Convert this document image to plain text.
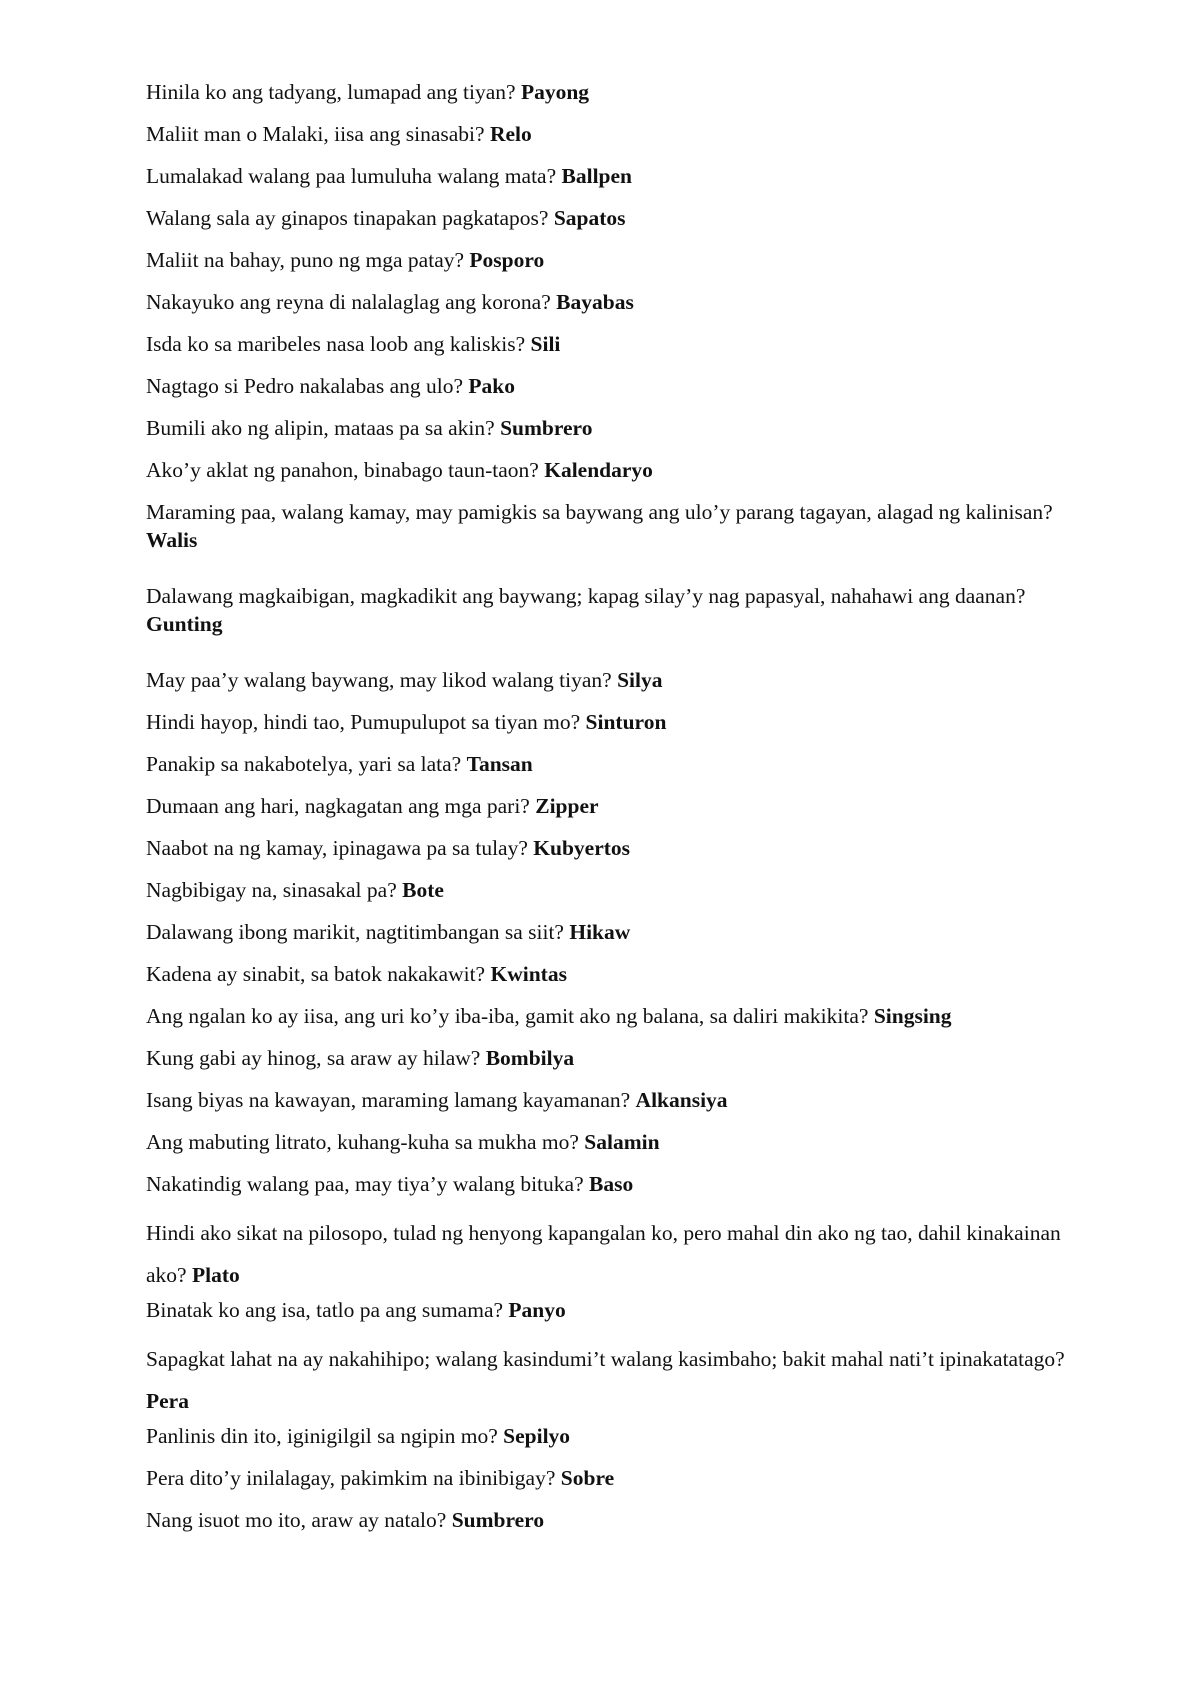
Hinila ko ang tadyang, lumapad ang tiyan? Payong

Maliit man o Malaki, iisa ang sinasabi? Relo

Lumalakad walang paa lumuluha walang mata? Ballpen

Walang sala ay ginapos tinapakan pagkatapos? Sapatos

Maliit na bahay, puno ng mga patay? Posporo

Nakayuko ang reyna di nalalaglag ang korona? Bayabas

Isda ko sa maribeles nasa loob ang kaliskis? Sili

Nagtago si Pedro nakalabas ang ulo? Pako

Bumili ako ng alipin, mataas pa sa akin? Sumbrero

Ako’y aklat ng panahon, binabago taun-taon? Kalendaryo

Maraming paa, walang kamay, may pamigkis sa baywang ang ulo’y parang tagayan, alagad ng kalinisan? Walis

Dalawang magkaibigan, magkadikit ang baywang; kapag silay’y nag papasyal, nahahawi ang daanan? Gunting

May paa’y walang baywang, may likod walang tiyan? Silya

Hindi hayop, hindi tao, Pumupulupot sa tiyan mo? Sinturon

Panakip sa nakabotelya, yari sa lata? Tansan

Dumaan ang hari, nagkagatan ang mga pari? Zipper

Naabot na ng kamay, ipinagawa pa sa tulay? Kubyertos

Nagbibigay na, sinasakal pa? Bote

Dalawang ibong marikit, nagtitimbangan sa siit? Hikaw

Kadena ay sinabit, sa batok nakakawit? Kwintas

Ang ngalan ko ay iisa, ang uri ko’y iba-iba, gamit ako ng balana, sa daliri makikita? Singsing

Kung gabi ay hinog, sa araw ay hilaw? Bombilya

Isang biyas na kawayan, maraming lamang kayamanan? Alkansiya

Ang mabuting litrato, kuhang-kuha sa mukha mo? Salamin

Nakatindig walang paa, may tiya’y walang bituka? Baso

Hindi ako sikat na pilosopo, tulad ng henyong kapangalan ko, pero mahal din ako ng tao, dahil kinakainan ako? Plato

Binatak ko ang isa, tatlo pa ang sumama? Panyo

Sapagkat lahat na ay nakahihipo; walang kasindumi’t walang kasimbaho; bakit mahal nati’t ipinakatatago? Pera

Panlinis din ito, iginigilgil sa ngipin mo? Sepilyo

Pera dito’y inilalagay, pakimkim na ibinibigay? Sobre

Nang isuot mo ito, araw ay natalo? Sumbrero
